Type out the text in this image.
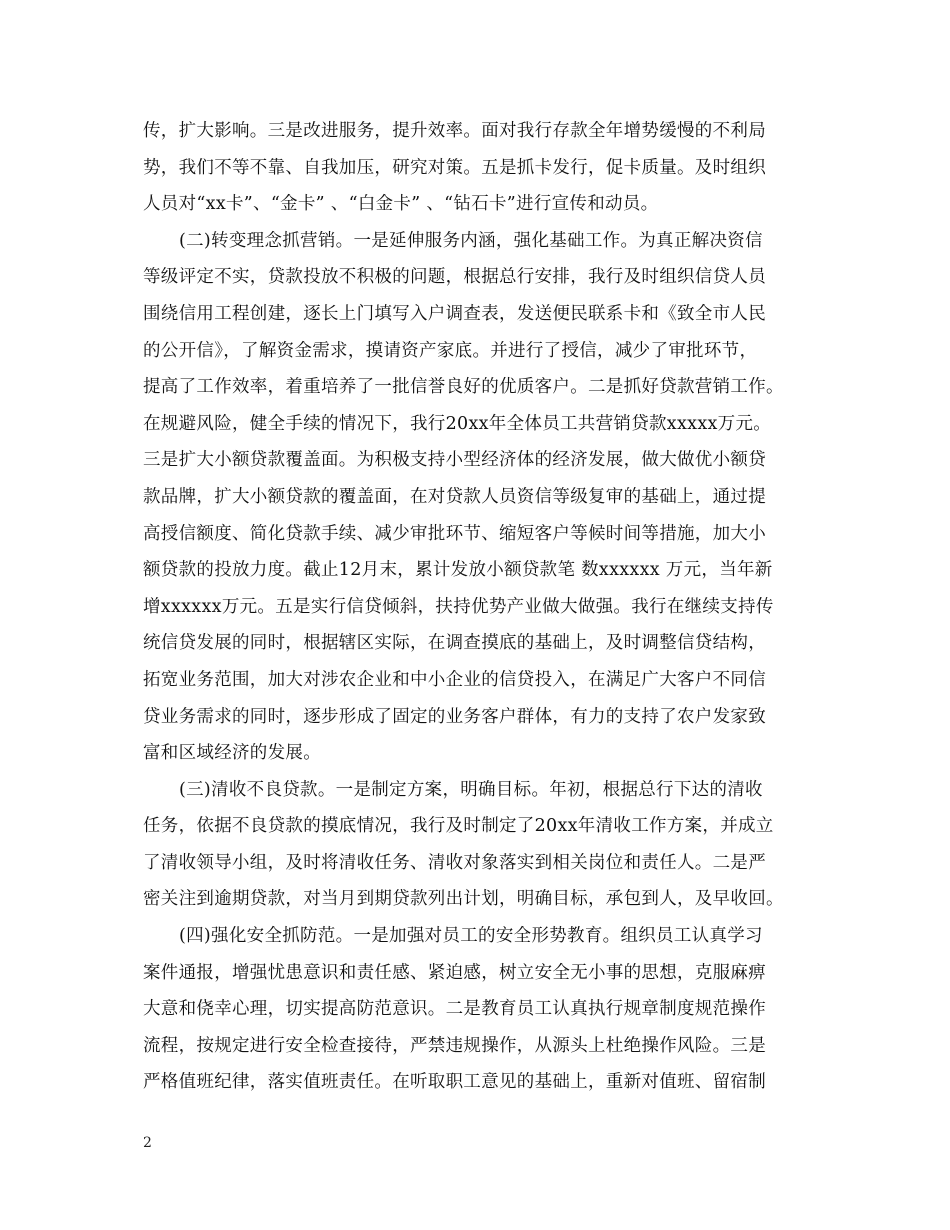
传，扩大影响。三是改进服务，提升效率。面对我行存款全年增势缓慢的不利局
势，我们不等不靠、自我加压，研究对策。五是抓卡发行，促卡质量。及时组织
人员对“xx卡”、“金卡” 、“白金卡” 、“钻石卡”进行宣传和动员。
(二)转变理念抓营销。一是延伸服务内涵，强化基础工作。为真正解决资信
等级评定不实，贷款投放不积极的问题，根据总行安排，我行及时组织信贷人员
围绕信用工程创建，逐长上门填写入户调查表，发送便民联系卡和《致全市人民
的公开信》，了解资金需求，摸请资产家底。并进行了授信，减少了审批环节，
提高了工作效率，着重培养了一批信誉良好的优质客户。二是抓好贷款营销工作。
在规避风险，健全手续的情况下，我行20xx年全体员工共营销贷款xxxxx万元。
三是扩大小额贷款覆盖面。为积极支持小型经济体的经济发展，做大做优小额贷
款品牌，扩大小额贷款的覆盖面，在对贷款人员资信等级复审的基础上，通过提
高授信额度、简化贷款手续、减少审批环节、缩短客户等候时间等措施，加大小
额贷款的投放力度。截止12月末，累计发放小额贷款笔 数xxxxxx 万元，当年新
增xxxxxx万元。五是实行信贷倾斜，扶持优势产业做大做强。我行在继续支持传
统信贷发展的同时，根据辖区实际，在调查摸底的基础上，及时调整信贷结构，
拓宽业务范围，加大对涉农企业和中小企业的信贷投入，在满足广大客户不同信
贷业务需求的同时，逐步形成了固定的业务客户群体，有力的支持了农户发家致
富和区域经济的发展。
(三)清收不良贷款。一是制定方案，明确目标。年初，根据总行下达的清收
任务，依据不良贷款的摸底情况，我行及时制定了20xx年清收工作方案，并成立
了清收领导小组，及时将清收任务、清收对象落实到相关岗位和责任人。二是严
密关注到逾期贷款，对当月到期贷款列出计划，明确目标，承包到人，及早收回。
(四)强化安全抓防范。一是加强对员工的安全形势教育。组织员工认真学习
案件通报，增强忧患意识和责任感、紧迫感，树立安全无小事的思想，克服麻痹
大意和侥幸心理，切实提高防范意识。二是教育员工认真执行规章制度规范操作
流程，按规定进行安全检查接待，严禁违规操作，从源头上杜绝操作风险。三是
严格值班纪律，落实值班责任。在听取职工意见的基础上，重新对值班、留宿制
2
